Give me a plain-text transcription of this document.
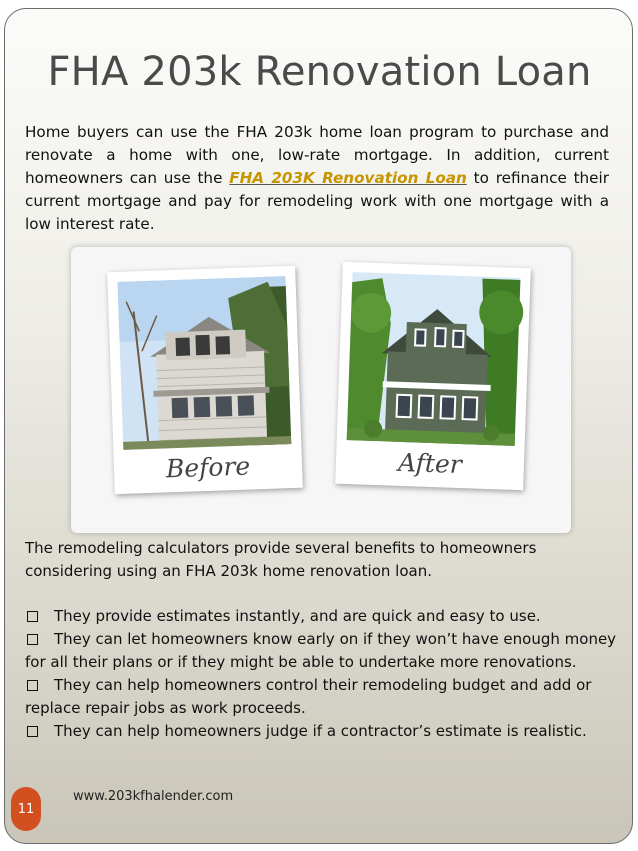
FHA 203k Renovation Loan

Home buyers can use the FHA 203k home loan program to purchase and renovate a home with one, low-rate mortgage. In addition, current homeowners can use the FHA 203K Renovation Loan to refinance their current mortgage and pay for remodeling work with one mortgage with a low interest rate.

Before	After

The remodeling calculators provide several benefits to homeowners considering using an FHA 203k home renovation loan.

They provide estimates instantly, and are quick and easy to use.
They can let homeowners know early on if they won’t have enough money for all their plans or if they might be able to undertake more renovations.
They can help homeowners control their remodeling budget and add or replace repair jobs as work proceeds.
They can help homeowners judge if a contractor’s estimate is realistic.
11
www.203kfhalender.com
